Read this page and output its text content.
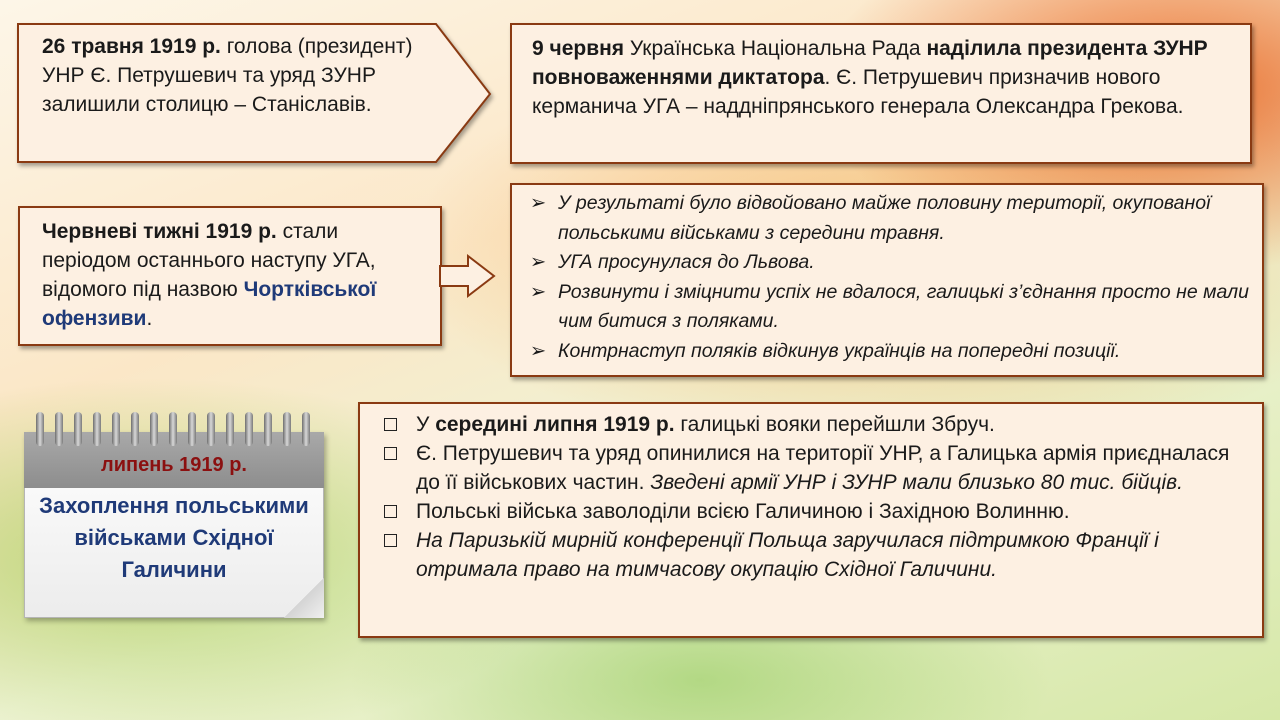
26 травня 1919 р. голова (президент) УНР Є. Петрушевич та уряд ЗУНР залишили столицю – Станіславів.
9 червня Українська Національна Рада наділила президента ЗУНР повноваженнями диктатора. Є. Петрушевич призначив нового керманича УГА – наддніпрянського генерала Олександра Грекова.
Червневі тижні 1919 р. стали періодом останнього наступу УГА, відомого під назвою Чортківської офензиви.
➢ У результаті було відвойовано майже половину території, окупованої польськими військами з середини травня.
➢ УГА просунулася до Львова.
➢ Розвинути і зміцнити успіх не вдалося, галицькі з’єднання просто не мали чим битися з поляками.
➢ Контрнаступ поляків відкинув українців на попередні позиції.
липень 1919 р.
Захоплення польськими військами Східної Галичини
У середині липня 1919 р. галицькі вояки перейшли Збруч.
Є. Петрушевич та уряд опинилися на території УНР, а Галицька армія приєдналася до її військових частин. Зведені армії УНР і ЗУНР мали близько 80 тис. бійців.
Польські війська заволоділи всією Галичиною і Західною Волинню.
На Паризькій мирній конференції Польща заручилася підтримкою Франції і отримала право на тимчасову окупацію Східної Галичини.
